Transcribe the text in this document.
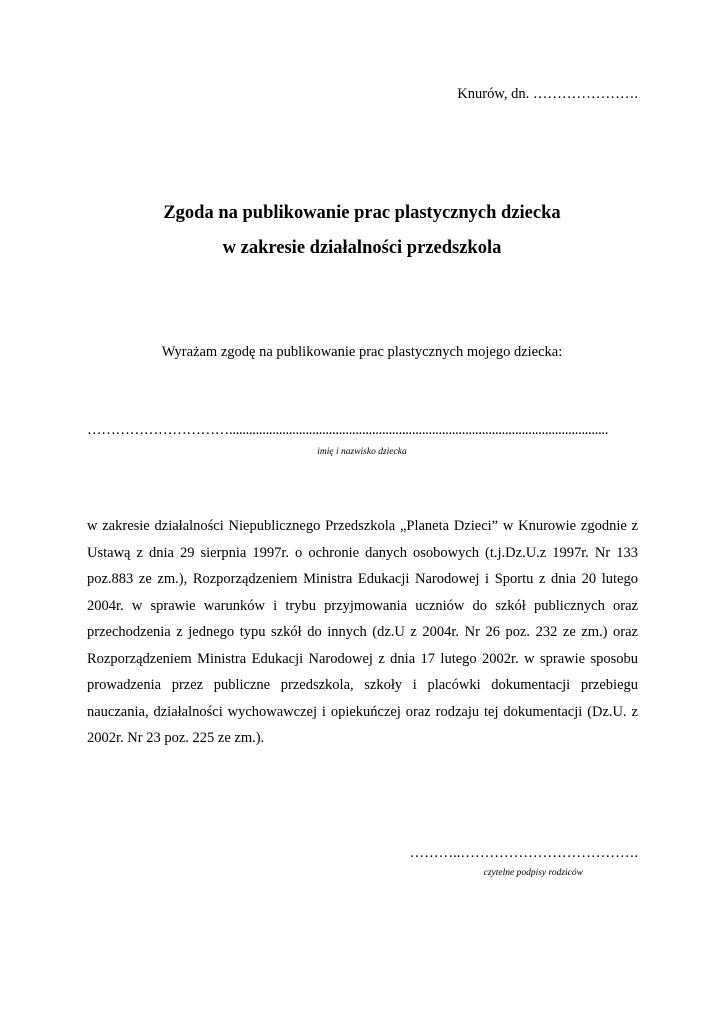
Knurów, dn. ………………….
Zgoda na publikowanie prac plastycznych dziecka
w zakresie działalności przedszkola
Wyrażam zgodę na publikowanie prac plastycznych mojego dziecka:
…………………………..................................................................................................................
imię i nazwisko dziecka
w zakresie działalności Niepublicznego Przedszkola „Planeta Dzieci” w Knurowie zgodnie z Ustawą z dnia 29 sierpnia 1997r. o ochronie danych osobowych (t.j.Dz.U.z 1997r. Nr 133 poz.883 ze zm.), Rozporządzeniem Ministra Edukacji Narodowej i Sportu z dnia 20 lutego 2004r. w sprawie warunków i trybu przyjmowania uczniów do szkół publicznych oraz przechodzenia z jednego typu szkół do innych (dz.U z 2004r. Nr 26 poz. 232 ze zm.) oraz Rozporządzeniem Ministra Edukacji Narodowej z dnia 17 lutego 2002r. w sprawie sposobu prowadzenia przez publiczne przedszkola, szkoły i placówki dokumentacji przebiegu nauczania, działalności wychowawczej i opiekuńczej oraz rodzaju tej dokumentacji (Dz.U. z 2002r. Nr 23 poz. 225 ze zm.).
………..……………………………….
czytelne podpisy rodziców
